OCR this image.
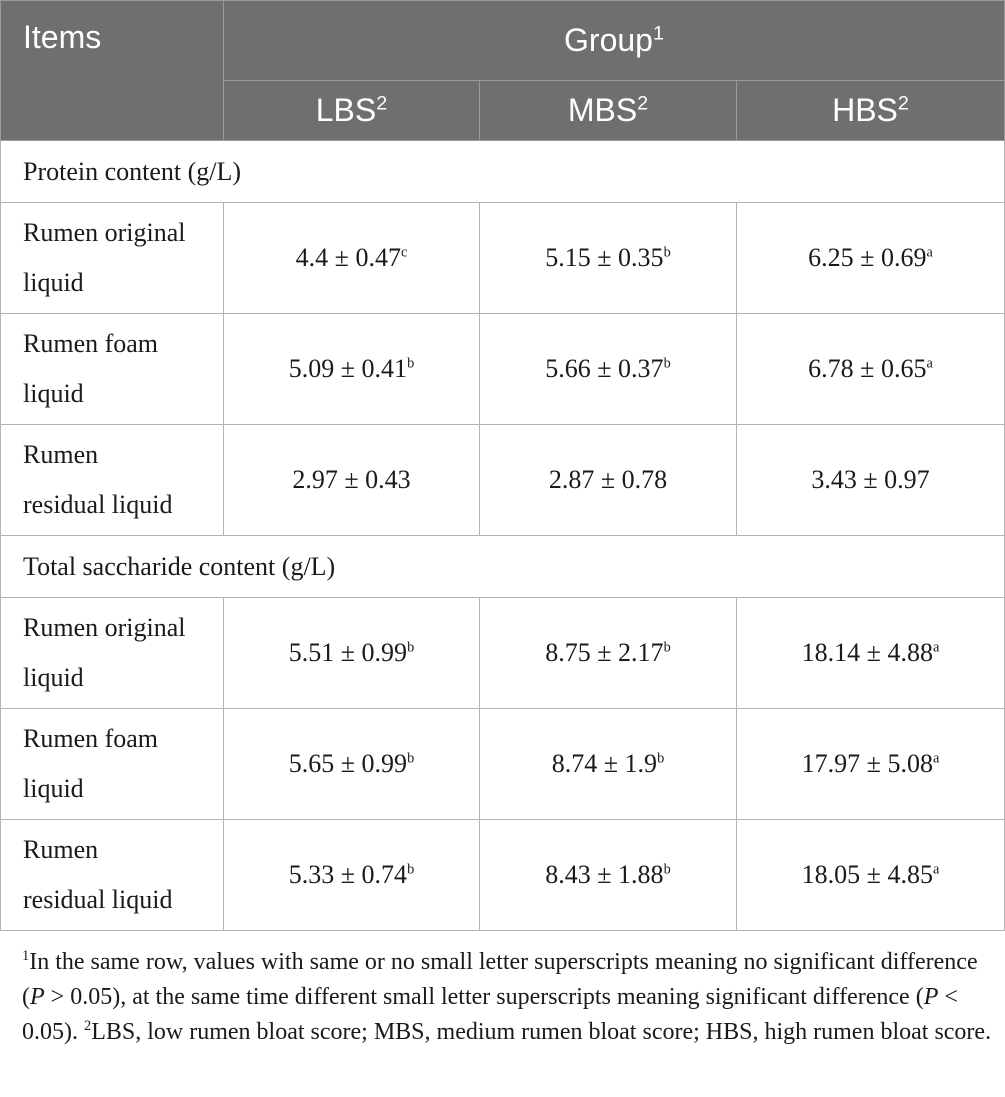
Items	Group$^1$
	LBS$^2$	MBS$^2$	HBS$^2$
Protein content (g/L)			
Rumen original
liquid	4.4 ± 0.47$^c$	5.15 ± 0.35$^b$	6.25 ± 0.69$^a$
Rumen foam
liquid	5.09 ± 0.41$^b$	5.66 ± 0.37$^b$	6.78 ± 0.65$^a$
Rumen
residual liquid	2.97 ± 0.43	2.87 ± 0.78	3.43 ± 0.97
Total saccharide content (g/L)			
Rumen original
liquid	5.51 ± 0.99$^b$	8.75 ± 2.17$^b$	18.14 ± 4.88$^a$
Rumen foam
liquid	5.65 ± 0.99$^b$	8.74 ± 1.9$^b$	17.97 ± 5.08$^a$
Rumen
residual liquid	5.33 ± 0.74$^b$	8.43 ± 1.88$^b$	18.05 ± 4.85$^a$

$^1$In the same row, values with same or no small letter superscripts meaning no significant difference (P > 0.05), at the same time different small letter superscripts meaning significant difference (P < 0.05). $^2$LBS, low rumen bloat score; MBS, medium rumen bloat score; HBS, high rumen bloat score.
